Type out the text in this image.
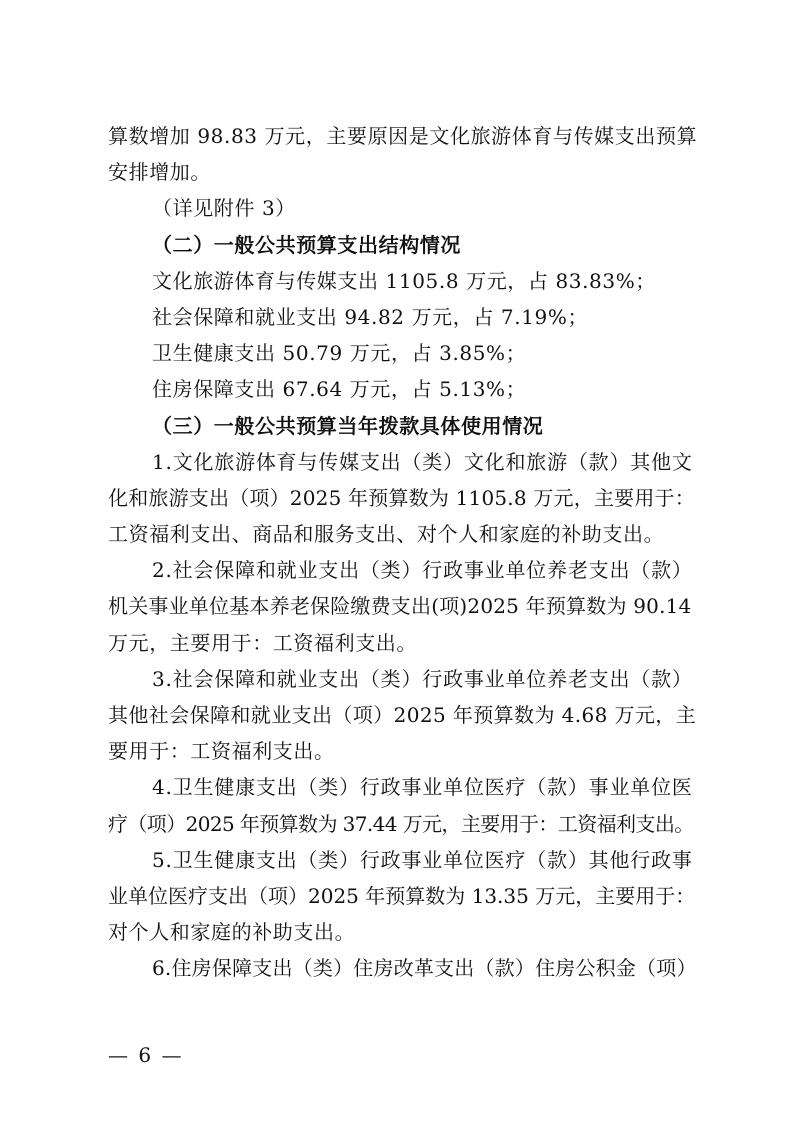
算数增加 98.83 万元，主要原因是文化旅游体育与传媒支出预算
安排增加。
（详见附件 3）
（二）一般公共预算支出结构情况
文化旅游体育与传媒支出 1105.8 万元，占 83.83%；
社会保障和就业支出 94.82 万元，占 7.19%；
卫生健康支出 50.79 万元，占 3.85%；
住房保障支出 67.64 万元，占 5.13%；
（三）一般公共预算当年拨款具体使用情况
1.文化旅游体育与传媒支出（类）文化和旅游（款）其他文
化和旅游支出（项）2025 年预算数为 1105.8 万元，主要用于：
工资福利支出、商品和服务支出、对个人和家庭的补助支出。
2.社会保障和就业支出（类）行政事业单位养老支出（款）
机关事业单位基本养老保险缴费支出(项)2025 年预算数为 90.14
万元，主要用于：工资福利支出。
3.社会保障和就业支出（类）行政事业单位养老支出（款）
其他社会保障和就业支出（项）2025 年预算数为 4.68 万元，主
要用于：工资福利支出。
4.卫生健康支出（类）行政事业单位医疗（款）事业单位医
疗（项）2025 年预算数为 37.44 万元，主要用于：工资福利支出。
5.卫生健康支出（类）行政事业单位医疗（款）其他行政事
业单位医疗支出（项）2025 年预算数为 13.35 万元，主要用于：
对个人和家庭的补助支出。
6.住房保障支出（类）住房改革支出（款）住房公积金（项）
— 6 —
